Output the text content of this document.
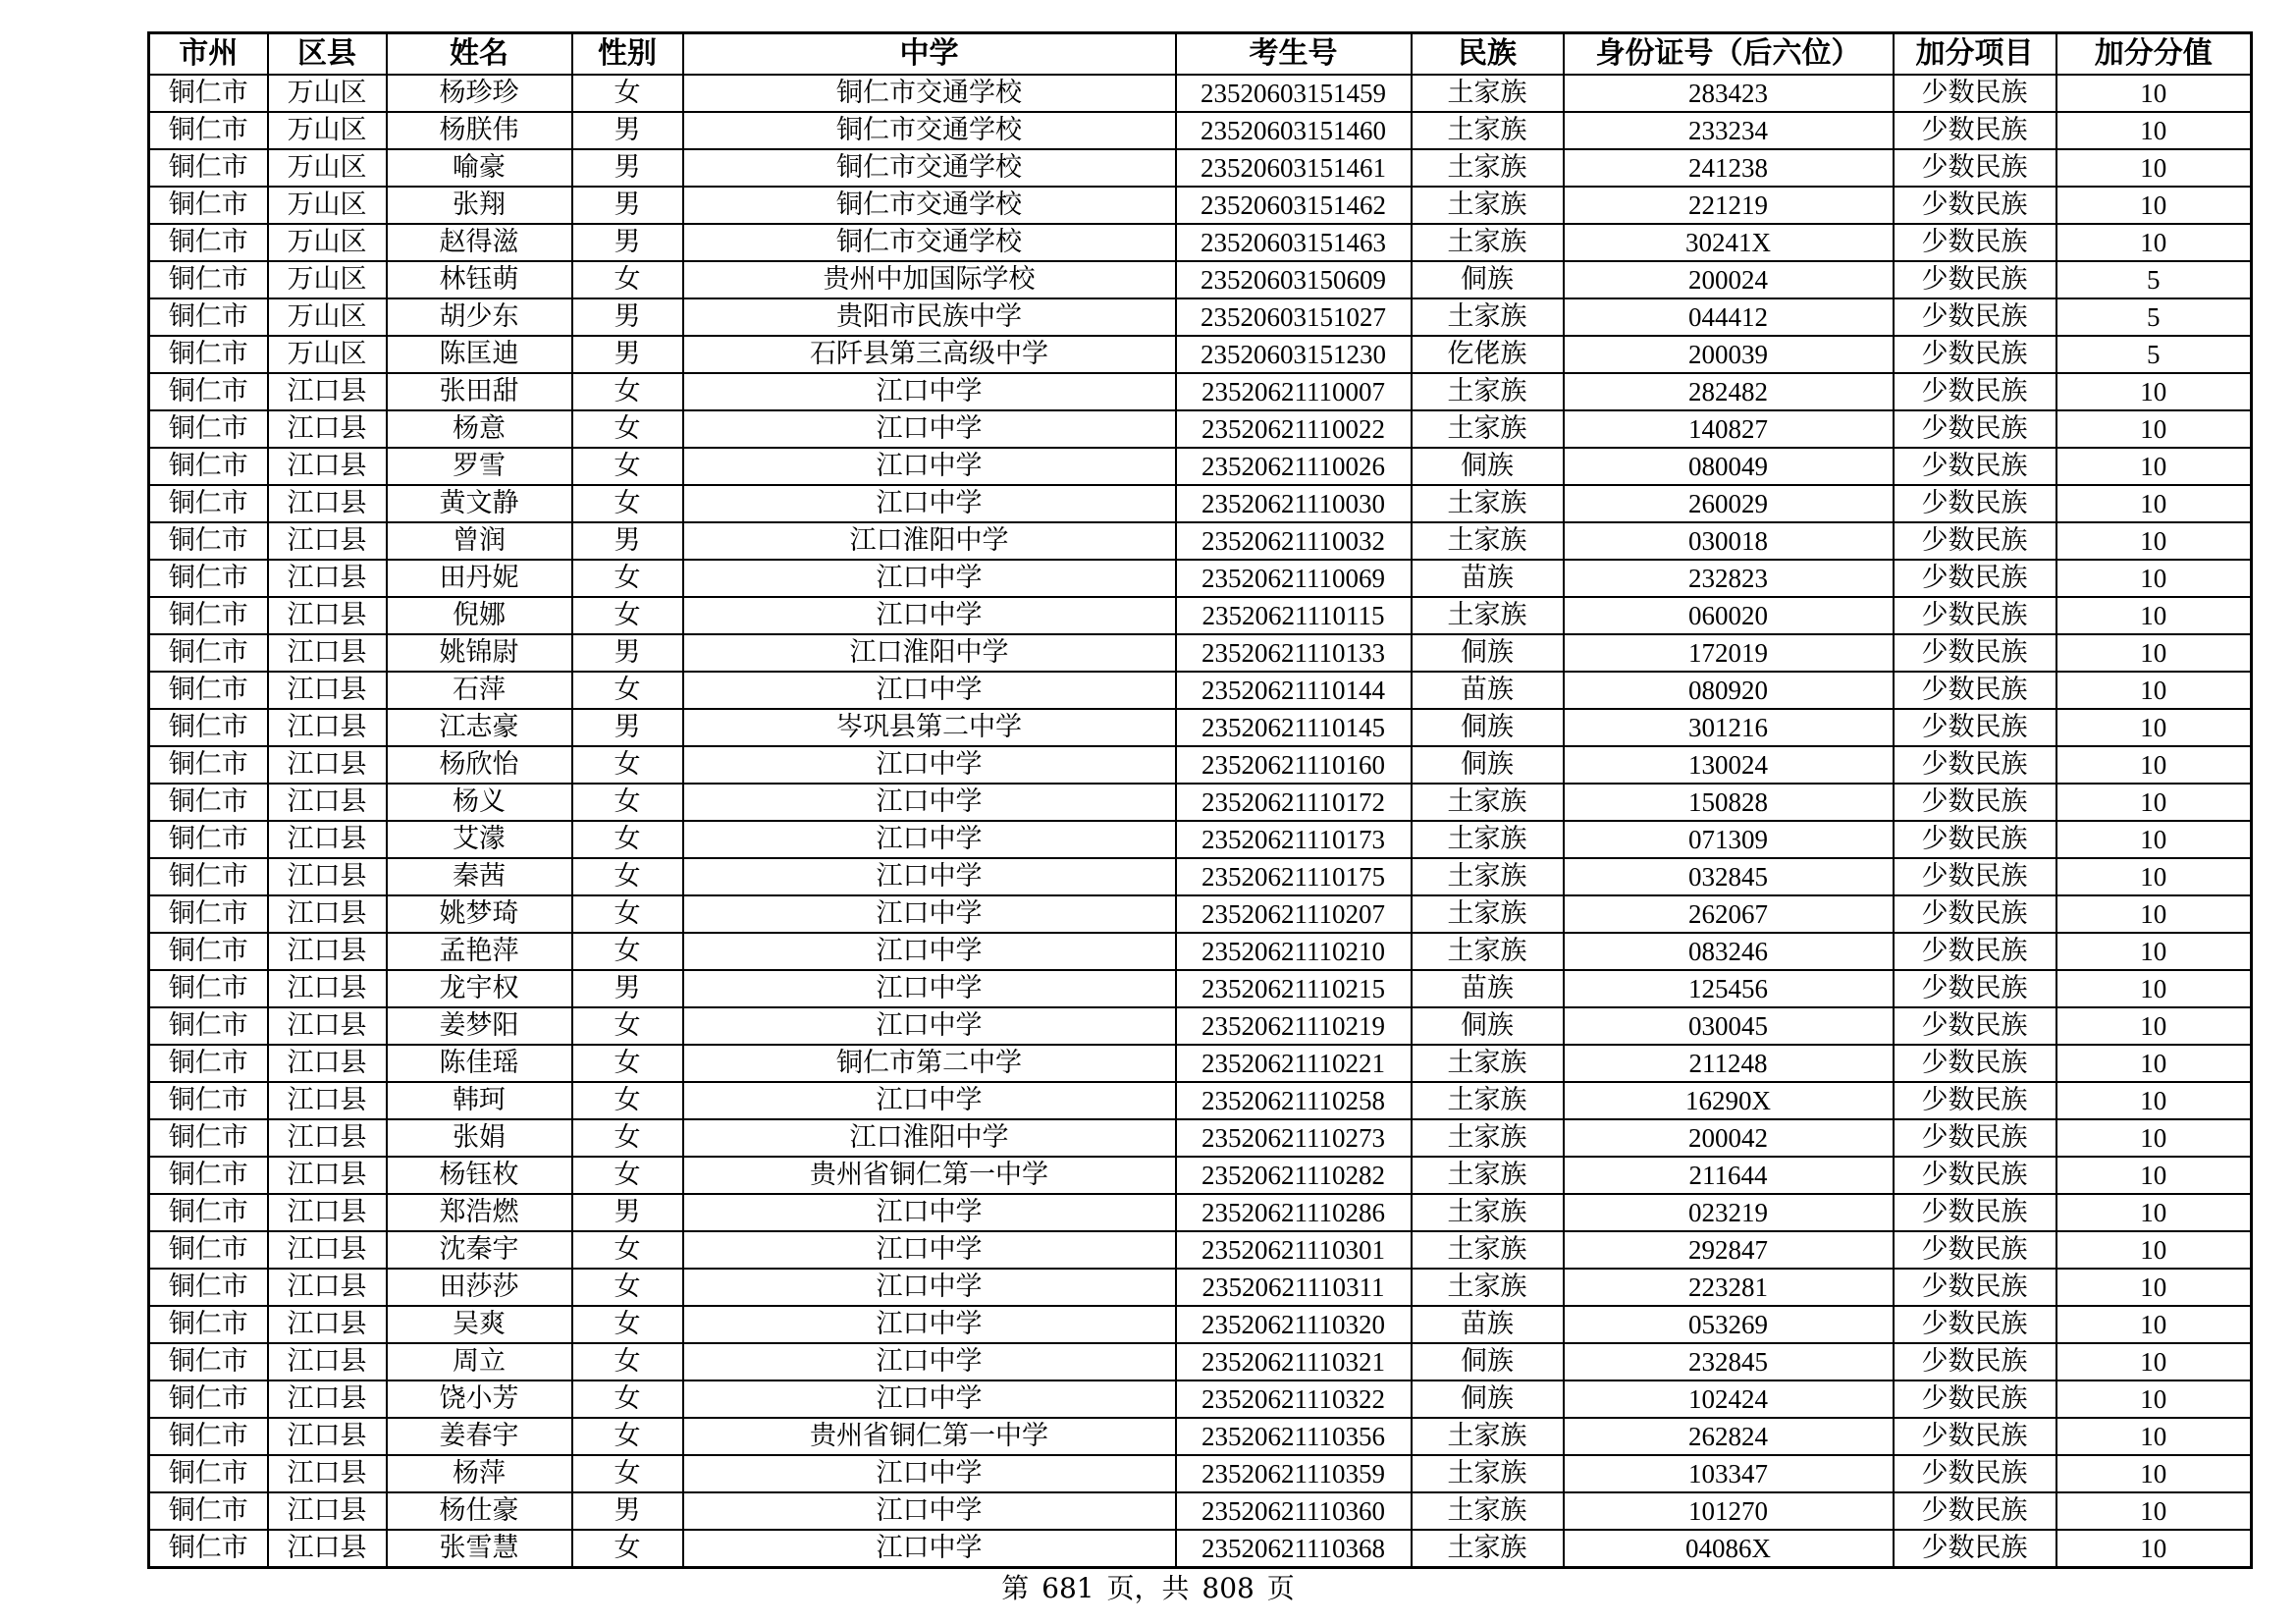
市州	区县	姓名	性别	中学	考生号	民族	身份证号（后六位）	加分项目	加分分值
铜仁市	万山区	杨珍珍	女	铜仁市交通学校	23520603151459	土家族	283423	少数民族	10
铜仁市	万山区	杨朕伟	男	铜仁市交通学校	23520603151460	土家族	233234	少数民族	10
铜仁市	万山区	喻豪	男	铜仁市交通学校	23520603151461	土家族	241238	少数民族	10
铜仁市	万山区	张翔	男	铜仁市交通学校	23520603151462	土家族	221219	少数民族	10
铜仁市	万山区	赵得滋	男	铜仁市交通学校	23520603151463	土家族	30241X	少数民族	10
铜仁市	万山区	林钰萌	女	贵州中加国际学校	23520603150609	侗族	200024	少数民族	5
铜仁市	万山区	胡少东	男	贵阳市民族中学	23520603151027	土家族	044412	少数民族	5
铜仁市	万山区	陈匡迪	男	石阡县第三高级中学	23520603151230	仡佬族	200039	少数民族	5
铜仁市	江口县	张田甜	女	江口中学	23520621110007	土家族	282482	少数民族	10
铜仁市	江口县	杨意	女	江口中学	23520621110022	土家族	140827	少数民族	10
铜仁市	江口县	罗雪	女	江口中学	23520621110026	侗族	080049	少数民族	10
铜仁市	江口县	黄文静	女	江口中学	23520621110030	土家族	260029	少数民族	10
铜仁市	江口县	曾润	男	江口淮阳中学	23520621110032	土家族	030018	少数民族	10
铜仁市	江口县	田丹妮	女	江口中学	23520621110069	苗族	232823	少数民族	10
铜仁市	江口县	倪娜	女	江口中学	23520621110115	土家族	060020	少数民族	10
铜仁市	江口县	姚锦尉	男	江口淮阳中学	23520621110133	侗族	172019	少数民族	10
铜仁市	江口县	石萍	女	江口中学	23520621110144	苗族	080920	少数民族	10
铜仁市	江口县	江志豪	男	岑巩县第二中学	23520621110145	侗族	301216	少数民族	10
铜仁市	江口县	杨欣怡	女	江口中学	23520621110160	侗族	130024	少数民族	10
铜仁市	江口县	杨义	女	江口中学	23520621110172	土家族	150828	少数民族	10
铜仁市	江口县	艾濛	女	江口中学	23520621110173	土家族	071309	少数民族	10
铜仁市	江口县	秦茜	女	江口中学	23520621110175	土家族	032845	少数民族	10
铜仁市	江口县	姚梦琦	女	江口中学	23520621110207	土家族	262067	少数民族	10
铜仁市	江口县	孟艳萍	女	江口中学	23520621110210	土家族	083246	少数民族	10
铜仁市	江口县	龙宇权	男	江口中学	23520621110215	苗族	125456	少数民族	10
铜仁市	江口县	姜梦阳	女	江口中学	23520621110219	侗族	030045	少数民族	10
铜仁市	江口县	陈佳瑶	女	铜仁市第二中学	23520621110221	土家族	211248	少数民族	10
铜仁市	江口县	韩珂	女	江口中学	23520621110258	土家族	16290X	少数民族	10
铜仁市	江口县	张娟	女	江口淮阳中学	23520621110273	土家族	200042	少数民族	10
铜仁市	江口县	杨钰枚	女	贵州省铜仁第一中学	23520621110282	土家族	211644	少数民族	10
铜仁市	江口县	郑浩燃	男	江口中学	23520621110286	土家族	023219	少数民族	10
铜仁市	江口县	沈秦宇	女	江口中学	23520621110301	土家族	292847	少数民族	10
铜仁市	江口县	田莎莎	女	江口中学	23520621110311	土家族	223281	少数民族	10
铜仁市	江口县	吴爽	女	江口中学	23520621110320	苗族	053269	少数民族	10
铜仁市	江口县	周立	女	江口中学	23520621110321	侗族	232845	少数民族	10
铜仁市	江口县	饶小芳	女	江口中学	23520621110322	侗族	102424	少数民族	10
铜仁市	江口县	姜春宇	女	贵州省铜仁第一中学	23520621110356	土家族	262824	少数民族	10
铜仁市	江口县	杨萍	女	江口中学	23520621110359	土家族	103347	少数民族	10
铜仁市	江口县	杨仕豪	男	江口中学	23520621110360	土家族	101270	少数民族	10
铜仁市	江口县	张雪慧	女	江口中学	23520621110368	土家族	04086X	少数民族	10
第 681 页，共 808 页
